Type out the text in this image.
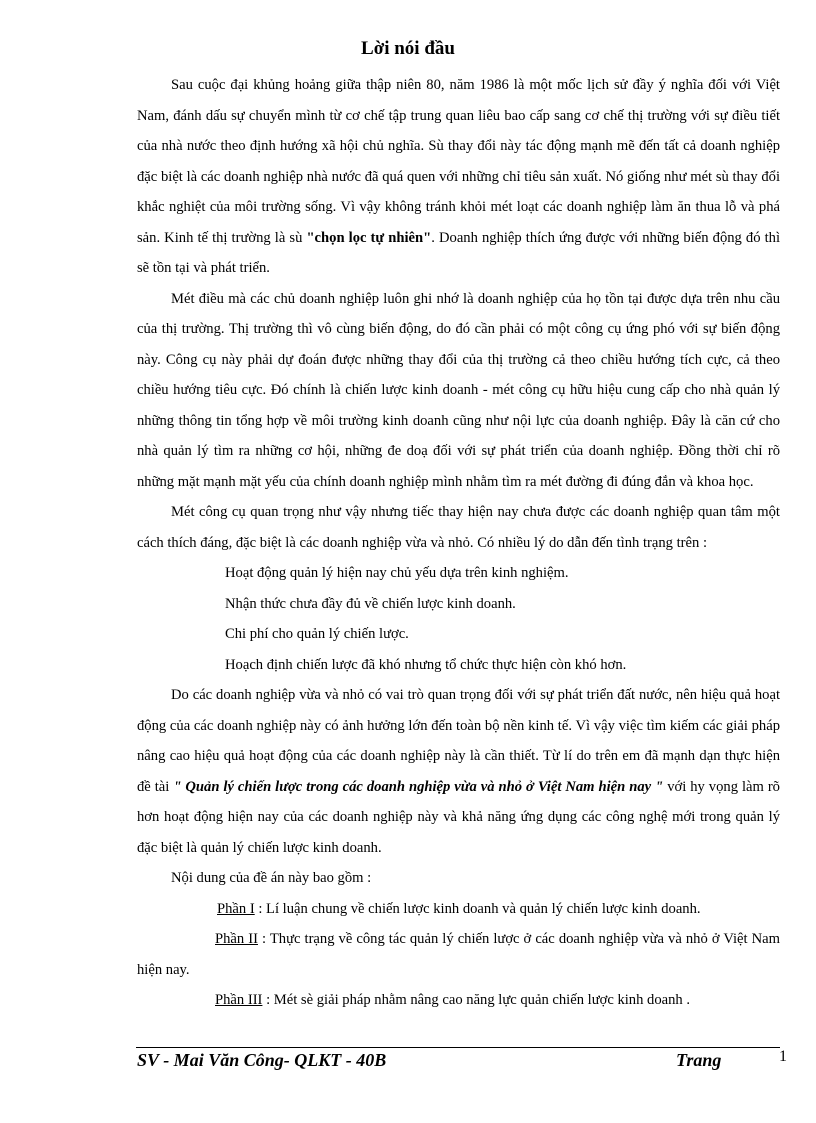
Lời nói đầu

Sau cuộc đại khủng hoảng giữa thập niên 80, năm 1986 là một mốc lịch sử đầy ý nghĩa đối với Việt Nam, đánh dấu sự chuyển mình từ cơ chế tập trung quan liêu bao cấp sang cơ chế thị trường với sự điều tiết của nhà nước theo định hướng xã hội chủ nghĩa. Sù thay đổi này tác động mạnh mẽ đến tất cả doanh nghiệp đặc biệt là các doanh nghiệp nhà nước đã quá quen với những chỉ tiêu sản xuất. Nó giống như mét sù thay đổi khắc nghiệt của môi trường sống. Vì vậy không tránh khỏi mét loạt các doanh nghiệp làm ăn thua lỗ và phá sản. Kinh tế thị trường là sù "chọn lọc tự nhiên". Doanh nghiệp thích ứng được với những biến động đó thì sẽ tồn tại và phát triển.

Mét điều mà các chủ doanh nghiệp luôn ghi nhớ là doanh nghiệp của họ tồn tại được dựa trên nhu cầu của thị trường. Thị trường thì vô cùng biến động, do đó cần phải có một công cụ ứng phó với sự biến động này. Công cụ này phải dự đoán được những thay đổi của thị trường cả theo chiều hướng tích cực, cả theo chiều hướng tiêu cực. Đó chính là chiến lược kinh doanh - mét công cụ hữu hiệu cung cấp cho nhà quản lý những thông tin tổng hợp về môi trường kinh doanh cũng như nội lực của doanh nghiệp. Đây là căn cứ cho nhà quản lý tìm ra những cơ hội, những đe doạ đối với sự phát triển của doanh nghiệp. Đồng thời chỉ rõ những mặt mạnh mặt yếu của chính doanh nghiệp mình nhằm tìm ra mét đường đi đúng đắn và khoa học.

Mét công cụ quan trọng như vậy nhưng tiếc thay hiện nay chưa được các doanh nghiệp quan tâm một cách thích đáng, đặc biệt là các doanh nghiệp vừa và nhỏ. Có nhiều lý do dẫn đến tình trạng trên :

Hoạt động quản lý hiện nay chủ yếu dựa trên kinh nghiệm.
Nhận thức chưa đầy đủ về chiến lược kinh doanh.
Chi phí cho quản lý chiến lược.
Hoạch định chiến lược đã khó nhưng tổ chức thực hiện còn khó hơn.

Do các doanh nghiệp vừa và nhỏ có vai trò quan trọng đối với sự phát triển đất nước, nên hiệu quả hoạt động của các doanh nghiệp này có ảnh hưởng lớn đến toàn bộ nền kinh tế. Vì vậy việc tìm kiếm các giải pháp nâng cao hiệu quả hoạt động của các doanh nghiệp này là cần thiết. Từ lí do trên em đã mạnh dạn thực hiện đề tài " Quản lý chiến lược trong các doanh nghiệp vừa và nhỏ ở Việt Nam hiện nay " với hy vọng làm rõ hơn hoạt động hiện nay của các doanh nghiệp này và khả năng ứng dụng các công nghệ mới trong quản lý đặc biệt là quản lý chiến lược kinh doanh.

Nội dung của đề án này bao gồm :

Phần I : Lí luận chung về chiến lược kinh doanh và quản lý chiến lược kinh doanh.
Phần II : Thực trạng về công tác quản lý chiến lược ở các doanh nghiệp vừa và nhỏ ở Việt Nam hiện nay.
Phần III : Mét sè giải pháp nhằm nâng cao năng lực quản chiến lược kinh doanh .
SV - Mai Văn Công- QLKT - 40B	Trang	1
